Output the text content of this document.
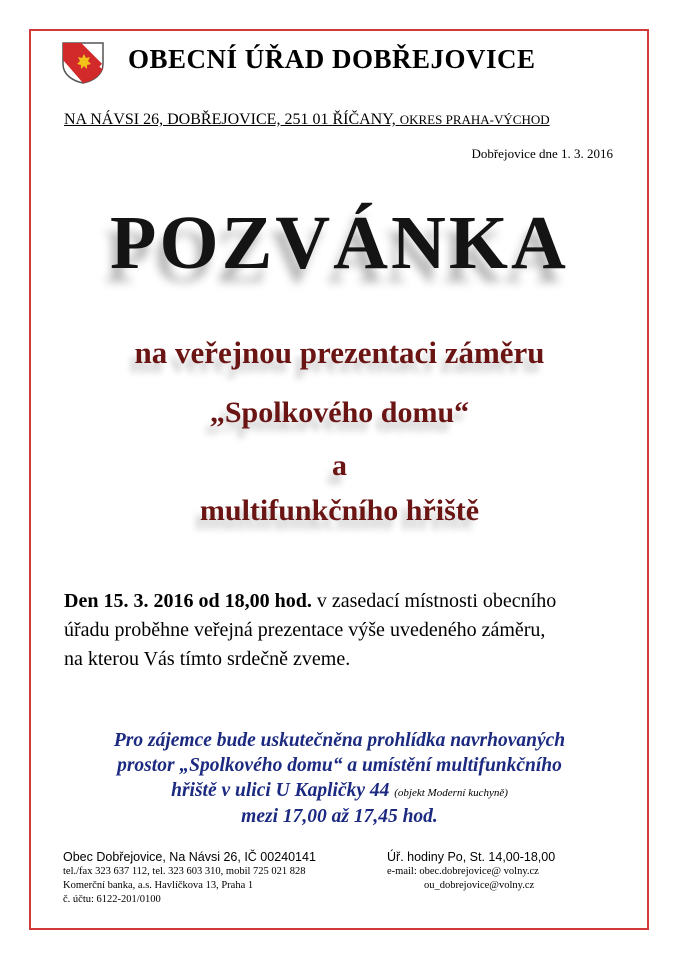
OBECNÍ ÚŘAD DOBŘEJOVICE
NA NÁVSI 26, DOBŘEJOVICE, 251 01 ŘÍČANY, OKRES PRAHA-VÝCHOD
Dobřejovice dne 1. 3. 2016
POZVÁNKA
na veřejnou prezentaci záměru
„Spolkového domu“
a
multifunkčního hřiště
Den 15. 3. 2016 od 18,00 hod. v zasedací místnosti obecního
úřadu proběhne veřejná prezentace výše uvedeného záměru,
na kterou Vás tímto srdečně zveme.
Pro zájemce bude uskutečněna prohlídka navrhovaných
prostor „Spolkového domu“ a umístění multifunkčního
hřiště v ulici U Kapličky 44 (objekt Moderní kuchyně)
mezi 17,00 až 17,45 hod.
Obec Dobřejovice, Na Návsi 26, IČ 00240141
tel./fax 323 637 112, tel. 323 603 310, mobil 725 021 828
Komerční banka, a.s. Havlíčkova 13, Praha 1
č. účtu: 6122-201/0100
Úř. hodiny Po, St. 14,00-18,00
e-mail: obec.dobrejovice@ volny.cz
ou_dobrejovice@volny.cz
